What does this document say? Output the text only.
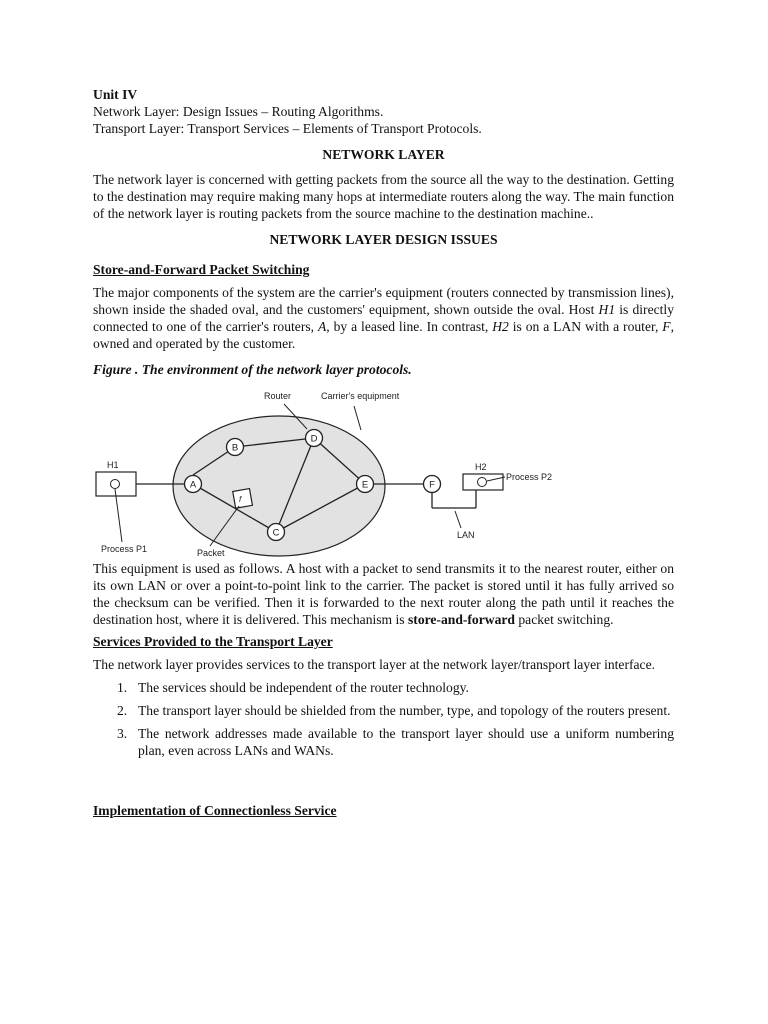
Unit IV

Network Layer: Design Issues – Routing Algorithms.

Transport Layer: Transport Services – Elements of Transport Protocols.

NETWORK LAYER

The network layer is concerned with getting packets from the source all the way to the destination. Getting to the destination may require making many hops at intermediate routers along the way. The main function of the network layer is routing packets from the source machine to the destination machine..

NETWORK LAYER DESIGN ISSUES

Store-and-Forward Packet Switching

The major components of the system are the carrier's equipment (routers connected by transmission lines), shown inside the shaded oval, and the customers' equipment, shown outside the oval. Host H1 is directly connected to one of the carrier's routers, A, by a leased line. In contrast, H2 is on a LAN with a router, F, owned and operated by the customer.

Figure . The environment of the network layer protocols.

f
A
B
C
D
E	F
H1
Process P1
H2
Process P2
LAN
Packet
Router	Carrier's equipment

This equipment is used as follows. A host with a packet to send transmits it to the nearest router, either on its own LAN or over a point-to-point link to the carrier. The packet is stored until it has fully arrived so the checksum can be verified. Then it is forwarded to the next router along the path until it reaches the destination host, where it is delivered. This mechanism is store-and-forward packet switching.

Services Provided to the Transport Layer

The network layer provides services to the transport layer at the network layer/transport layer interface.

1. The services should be independent of the router technology.
2. The transport layer should be shielded from the number, type, and topology of the routers present.
3. The network addresses made available to the transport layer should use a uniform numbering plan, even across LANs and WANs.

Implementation of Connectionless Service
